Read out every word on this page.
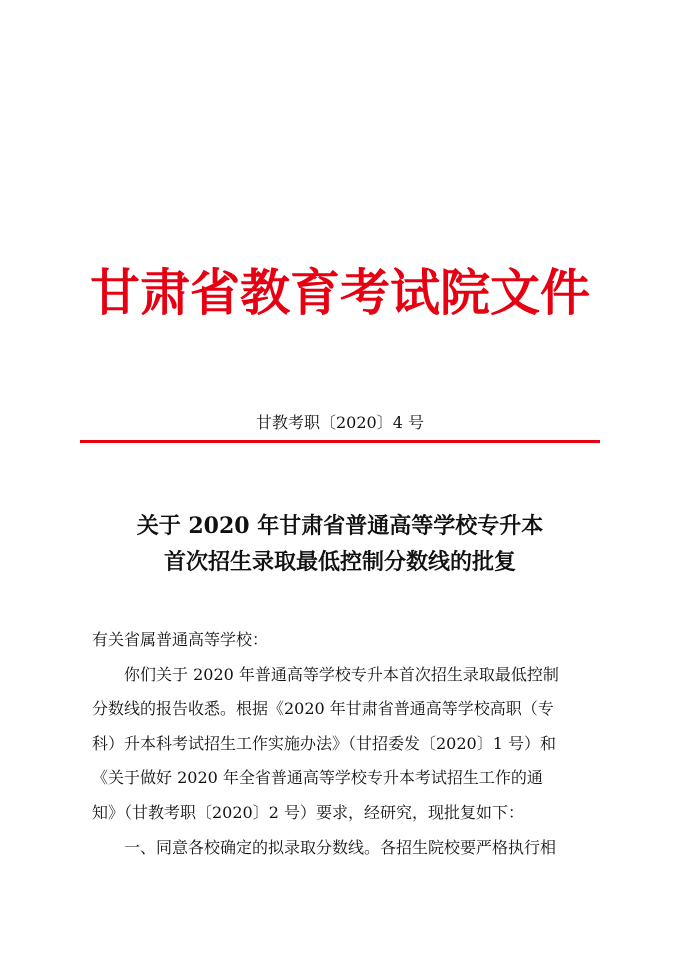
甘肃省教育考试院文件
甘教考职〔2020〕4 号
关于 2020 年甘肃省普通高等学校专升本
首次招生录取最低控制分数线的批复

有关省属普通高等学校：

你们关于 2020 年普通高等学校专升本首次招生录取最低控制

分数线的报告收悉。根据《2020 年甘肃省普通高等学校高职（专

科）升本科考试招生工作实施办法》（甘招委发〔2020〕1 号）和

《关于做好 2020 年全省普通高等学校专升本考试招生工作的通

知》（甘教考职〔2020〕2 号）要求，经研究，现批复如下：

一、同意各校确定的拟录取分数线。各招生院校要严格执行相
